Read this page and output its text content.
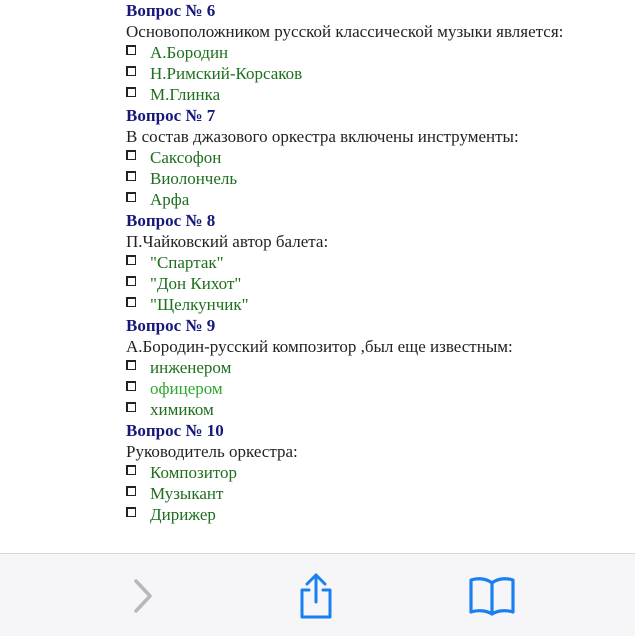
Вопрос № 6
Основоположником русской классической музыки является:
А.Бородин
Н.Римский-Корсаков
М.Глинка
Вопрос № 7
В состав джазового оркестра включены инструменты:
Саксофон
Виолончель
Арфа
Вопрос № 8
П.Чайковский автор балета:
"Спартак"
"Дон Кихот"
"Щелкунчик"
Вопрос № 9
А.Бородин-русский композитор ,был еще известным:
инженером
офицером
химиком
Вопрос № 10
Руководитель оркестра:
Композитор
Музыкант
Дирижер
